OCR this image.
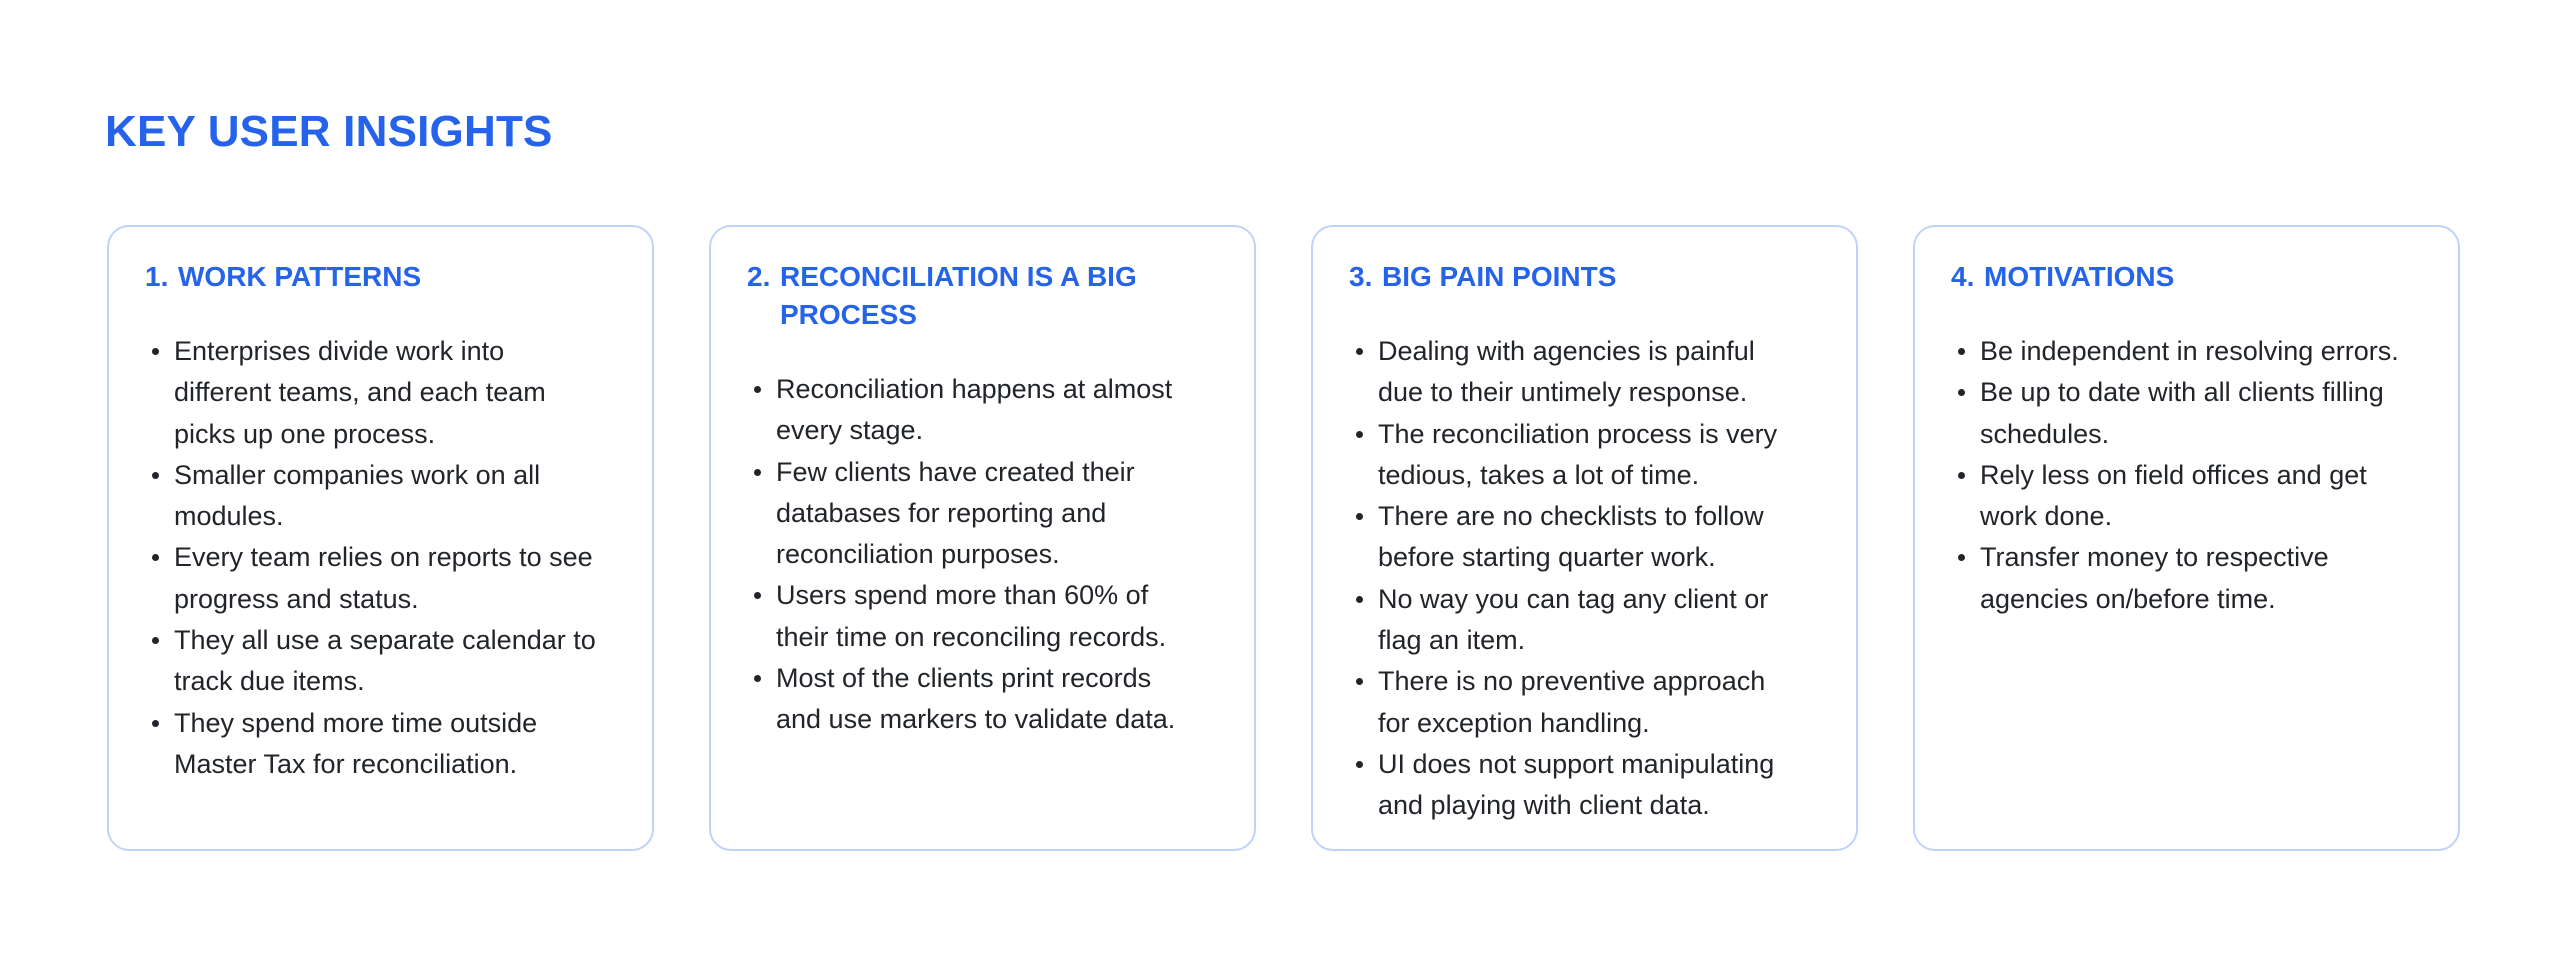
KEY USER INSIGHTS
1. WORK PATTERNS
Enterprises divide work into different teams, and each team picks up one process.
Smaller companies work on all modules.
Every team relies on reports to see progress and status.
They all use a separate calendar to track due items.
They spend more time outside Master Tax for reconciliation.
2. RECONCILIATION IS A BIG PROCESS
Reconciliation happens at almost every stage.
Few clients have created their databases for reporting and reconciliation purposes.
Users spend more than 60% of their time on reconciling records.
Most of the clients print records and use markers to validate data.
3. BIG PAIN POINTS
Dealing with agencies is painful due to their untimely response.
The reconciliation process is very tedious, takes a lot of time.
There are no checklists to follow before starting quarter work.
No way you can tag any client or flag an item.
There is no preventive approach for exception handling.
UI does not support manipulating and playing with client data.
4. MOTIVATIONS
Be independent in resolving errors.
Be up to date with all clients filling schedules.
Rely less on field offices and get work done.
Transfer money to respective agencies on/before time.
